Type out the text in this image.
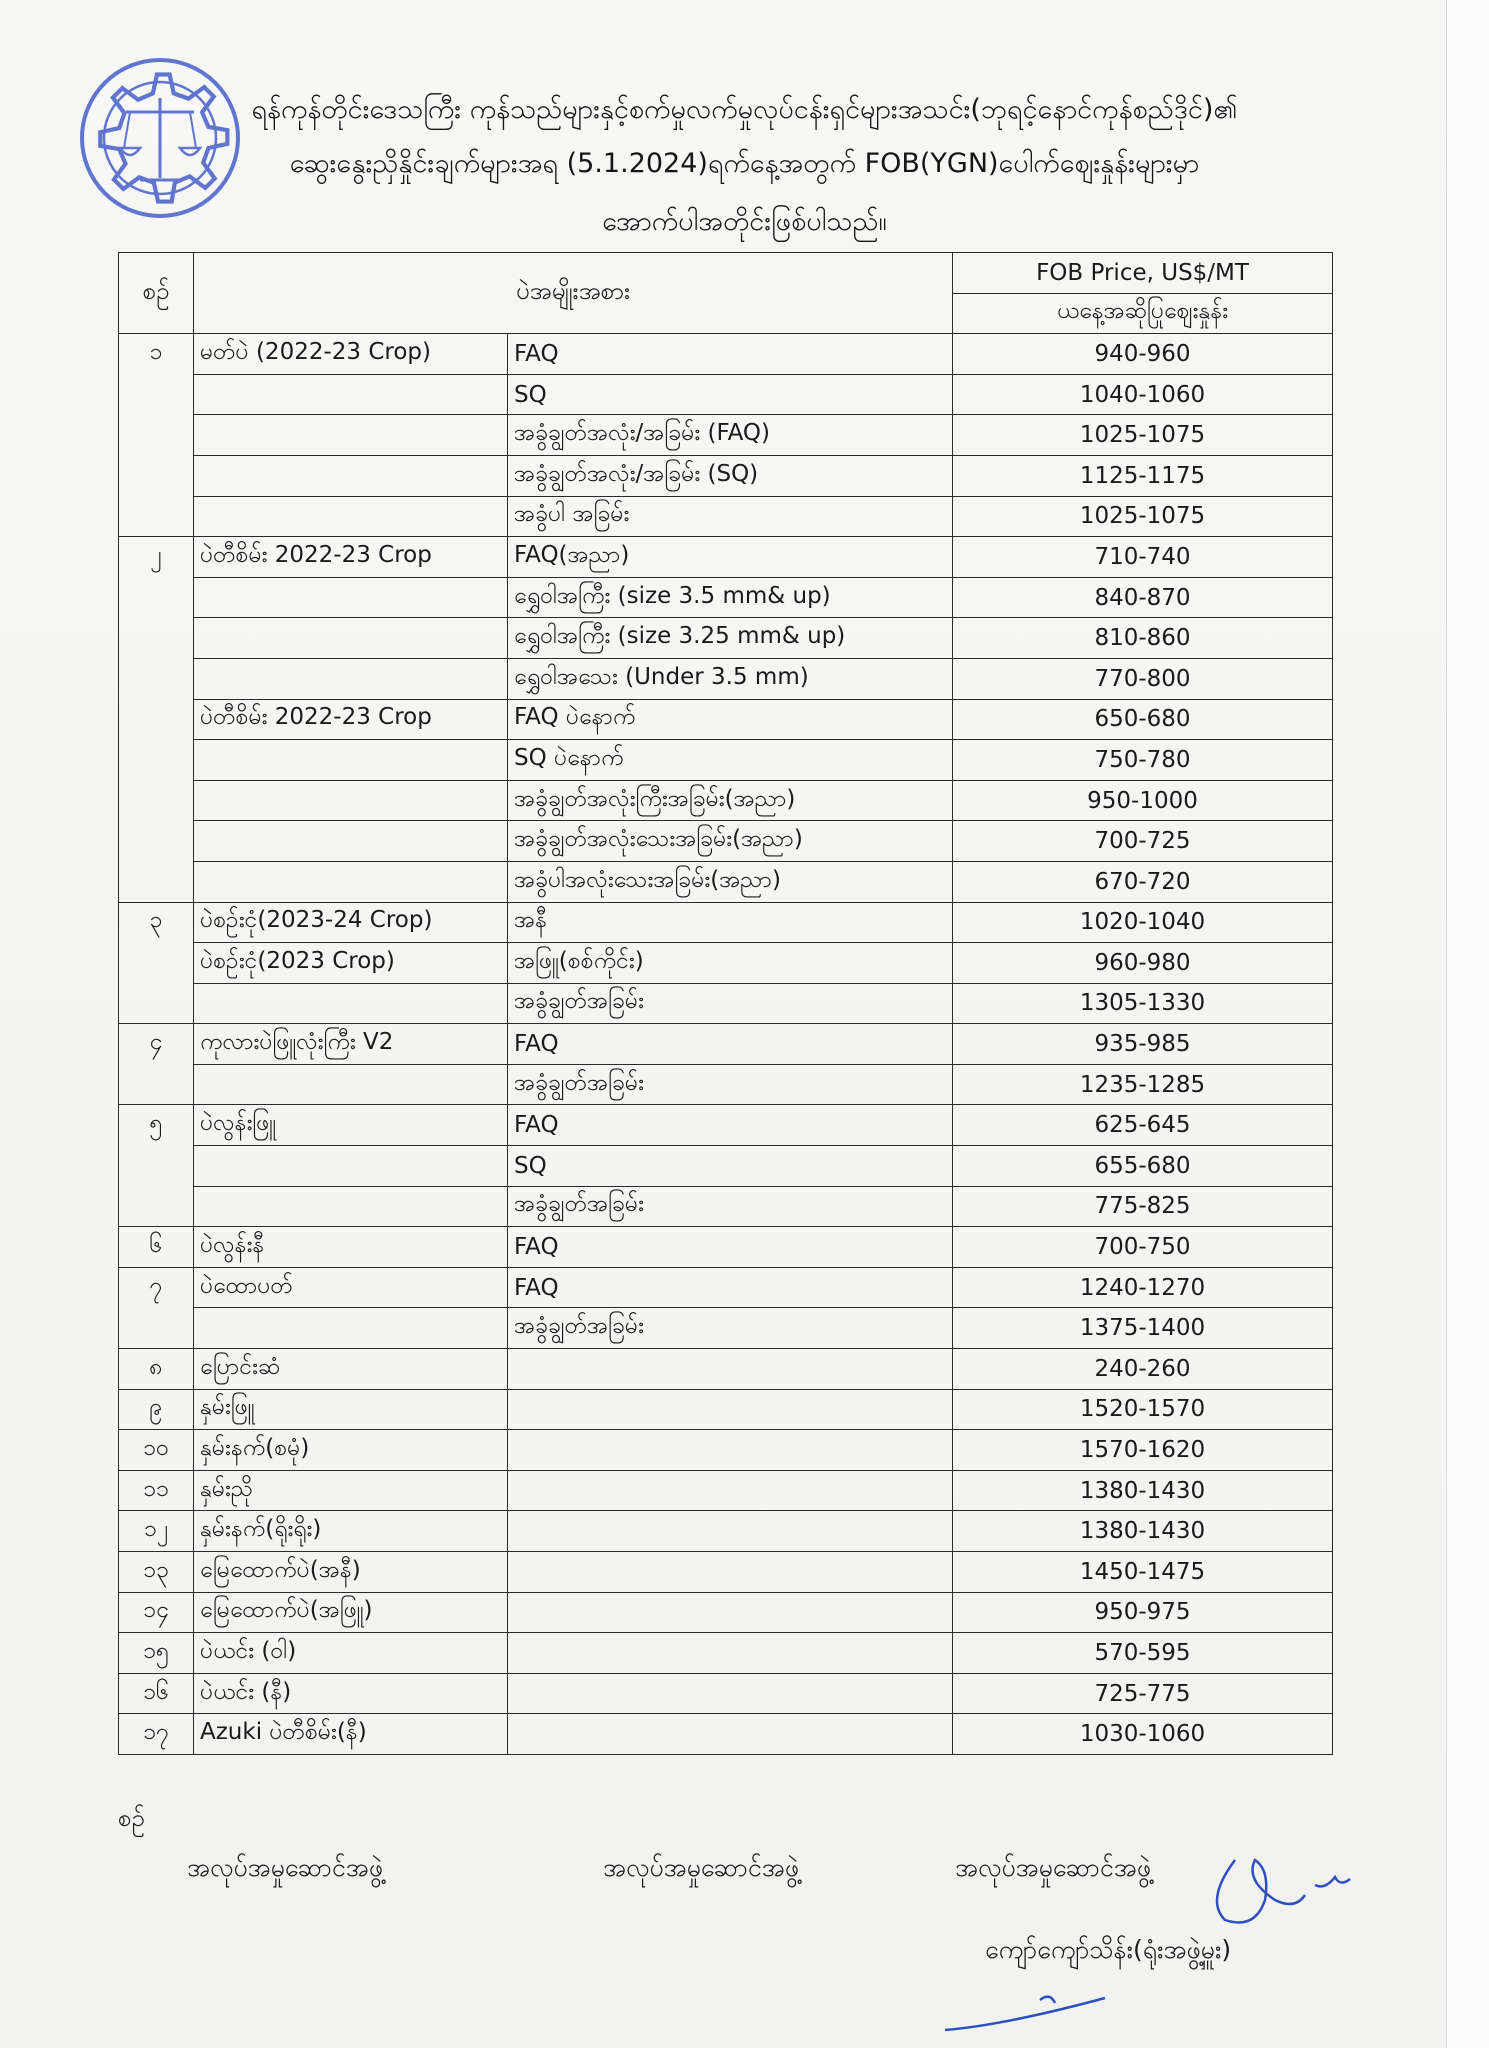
ရန်ကုန်တိုင်းဒေသကြီး ကုန်သည်များနှင့်စက်မှုလက်မှုလုပ်ငန်းရှင်များအသင်း(ဘုရင့်နောင်ကုန်စည်ဒိုင်)၏
ဆွေးနွေးညှိနှိုင်းချက်များအရ (5.1.2024)ရက်နေ့အတွက် FOB(YGN)ပေါက်ဈေးနှုန်းများမှာ
အောက်ပါအတိုင်းဖြစ်ပါသည်။
စဉ်	ပဲအမျိုးအစား		FOB Price, US$/MT
			ယနေ့အဆိုပြုဈေးနှုန်း
၁	မတ်ပဲ (2022-23 Crop)	FAQ	940-960
		SQ	1040-1060
		အခွံချွတ်အလုံး/အခြမ်း (FAQ)	1025-1075
		အခွံချွတ်အလုံး/အခြမ်း (SQ)	1125-1175
		အခွံပါ အခြမ်း	1025-1075
၂	ပဲတီစိမ်း 2022-23 Crop	FAQ(အညာ)	710-740
		ရွှေဝါအကြီး (size 3.5 mm& up)	840-870
		ရွှေဝါအကြီး (size 3.25 mm& up)	810-860
		ရွှေဝါအသေး (Under 3.5 mm)	770-800
	ပဲတီစိမ်း 2022-23 Crop	FAQ ပဲနောက်	650-680
		SQ ပဲနောက်	750-780
		အခွံချွတ်အလုံးကြီးအခြမ်း(အညာ)	950-1000
		အခွံချွတ်အလုံးသေးအခြမ်း(အညာ)	700-725
		အခွံပါအလုံးသေးအခြမ်း(အညာ)	670-720
၃	ပဲစဉ်းငုံ(2023-24 Crop)	အနီ	1020-1040
	ပဲစဉ်းငုံ(2023 Crop)	အဖြူ(စစ်ကိုင်း)	960-980
		အခွံချွတ်အခြမ်း	1305-1330
၄	ကုလားပဲဖြူလုံးကြီး V2	FAQ	935-985
		အခွံချွတ်အခြမ်း	1235-1285
၅	ပဲလွန်းဖြူ	FAQ	625-645
		SQ	655-680
		အခွံချွတ်အခြမ်း	775-825
၆	ပဲလွန်းနီ	FAQ	700-750
၇	ပဲထောပတ်	FAQ	1240-1270
		အခွံချွတ်အခြမ်း	1375-1400
၈	ပြောင်းဆံ		240-260
၉	နှမ်းဖြူ		1520-1570
၁၀	နှမ်းနက်(စမုံ)		1570-1620
၁၁	နှမ်းညို		1380-1430
၁၂	နှမ်းနက်(ရိုးရိုး)		1380-1430
၁၃	မြေထောက်ပဲ(အနီ)		1450-1475
၁၄	မြေထောက်ပဲ(အဖြူ)		950-975
၁၅	ပဲယင်း (ဝါ)		570-595
၁၆	ပဲယင်း (နီ)		725-775
၁၇	Azuki ပဲတီစိမ်း(နီ)		1030-1060
စဉ်
အလုပ်အမှုဆောင်အဖွဲ့	အလုပ်အမှုဆောင်အဖွဲ့	အလုပ်အမှုဆောင်အဖွဲ့
ကျော်ကျော်သိန်း(ရုံးအဖွဲ့မှူး)
